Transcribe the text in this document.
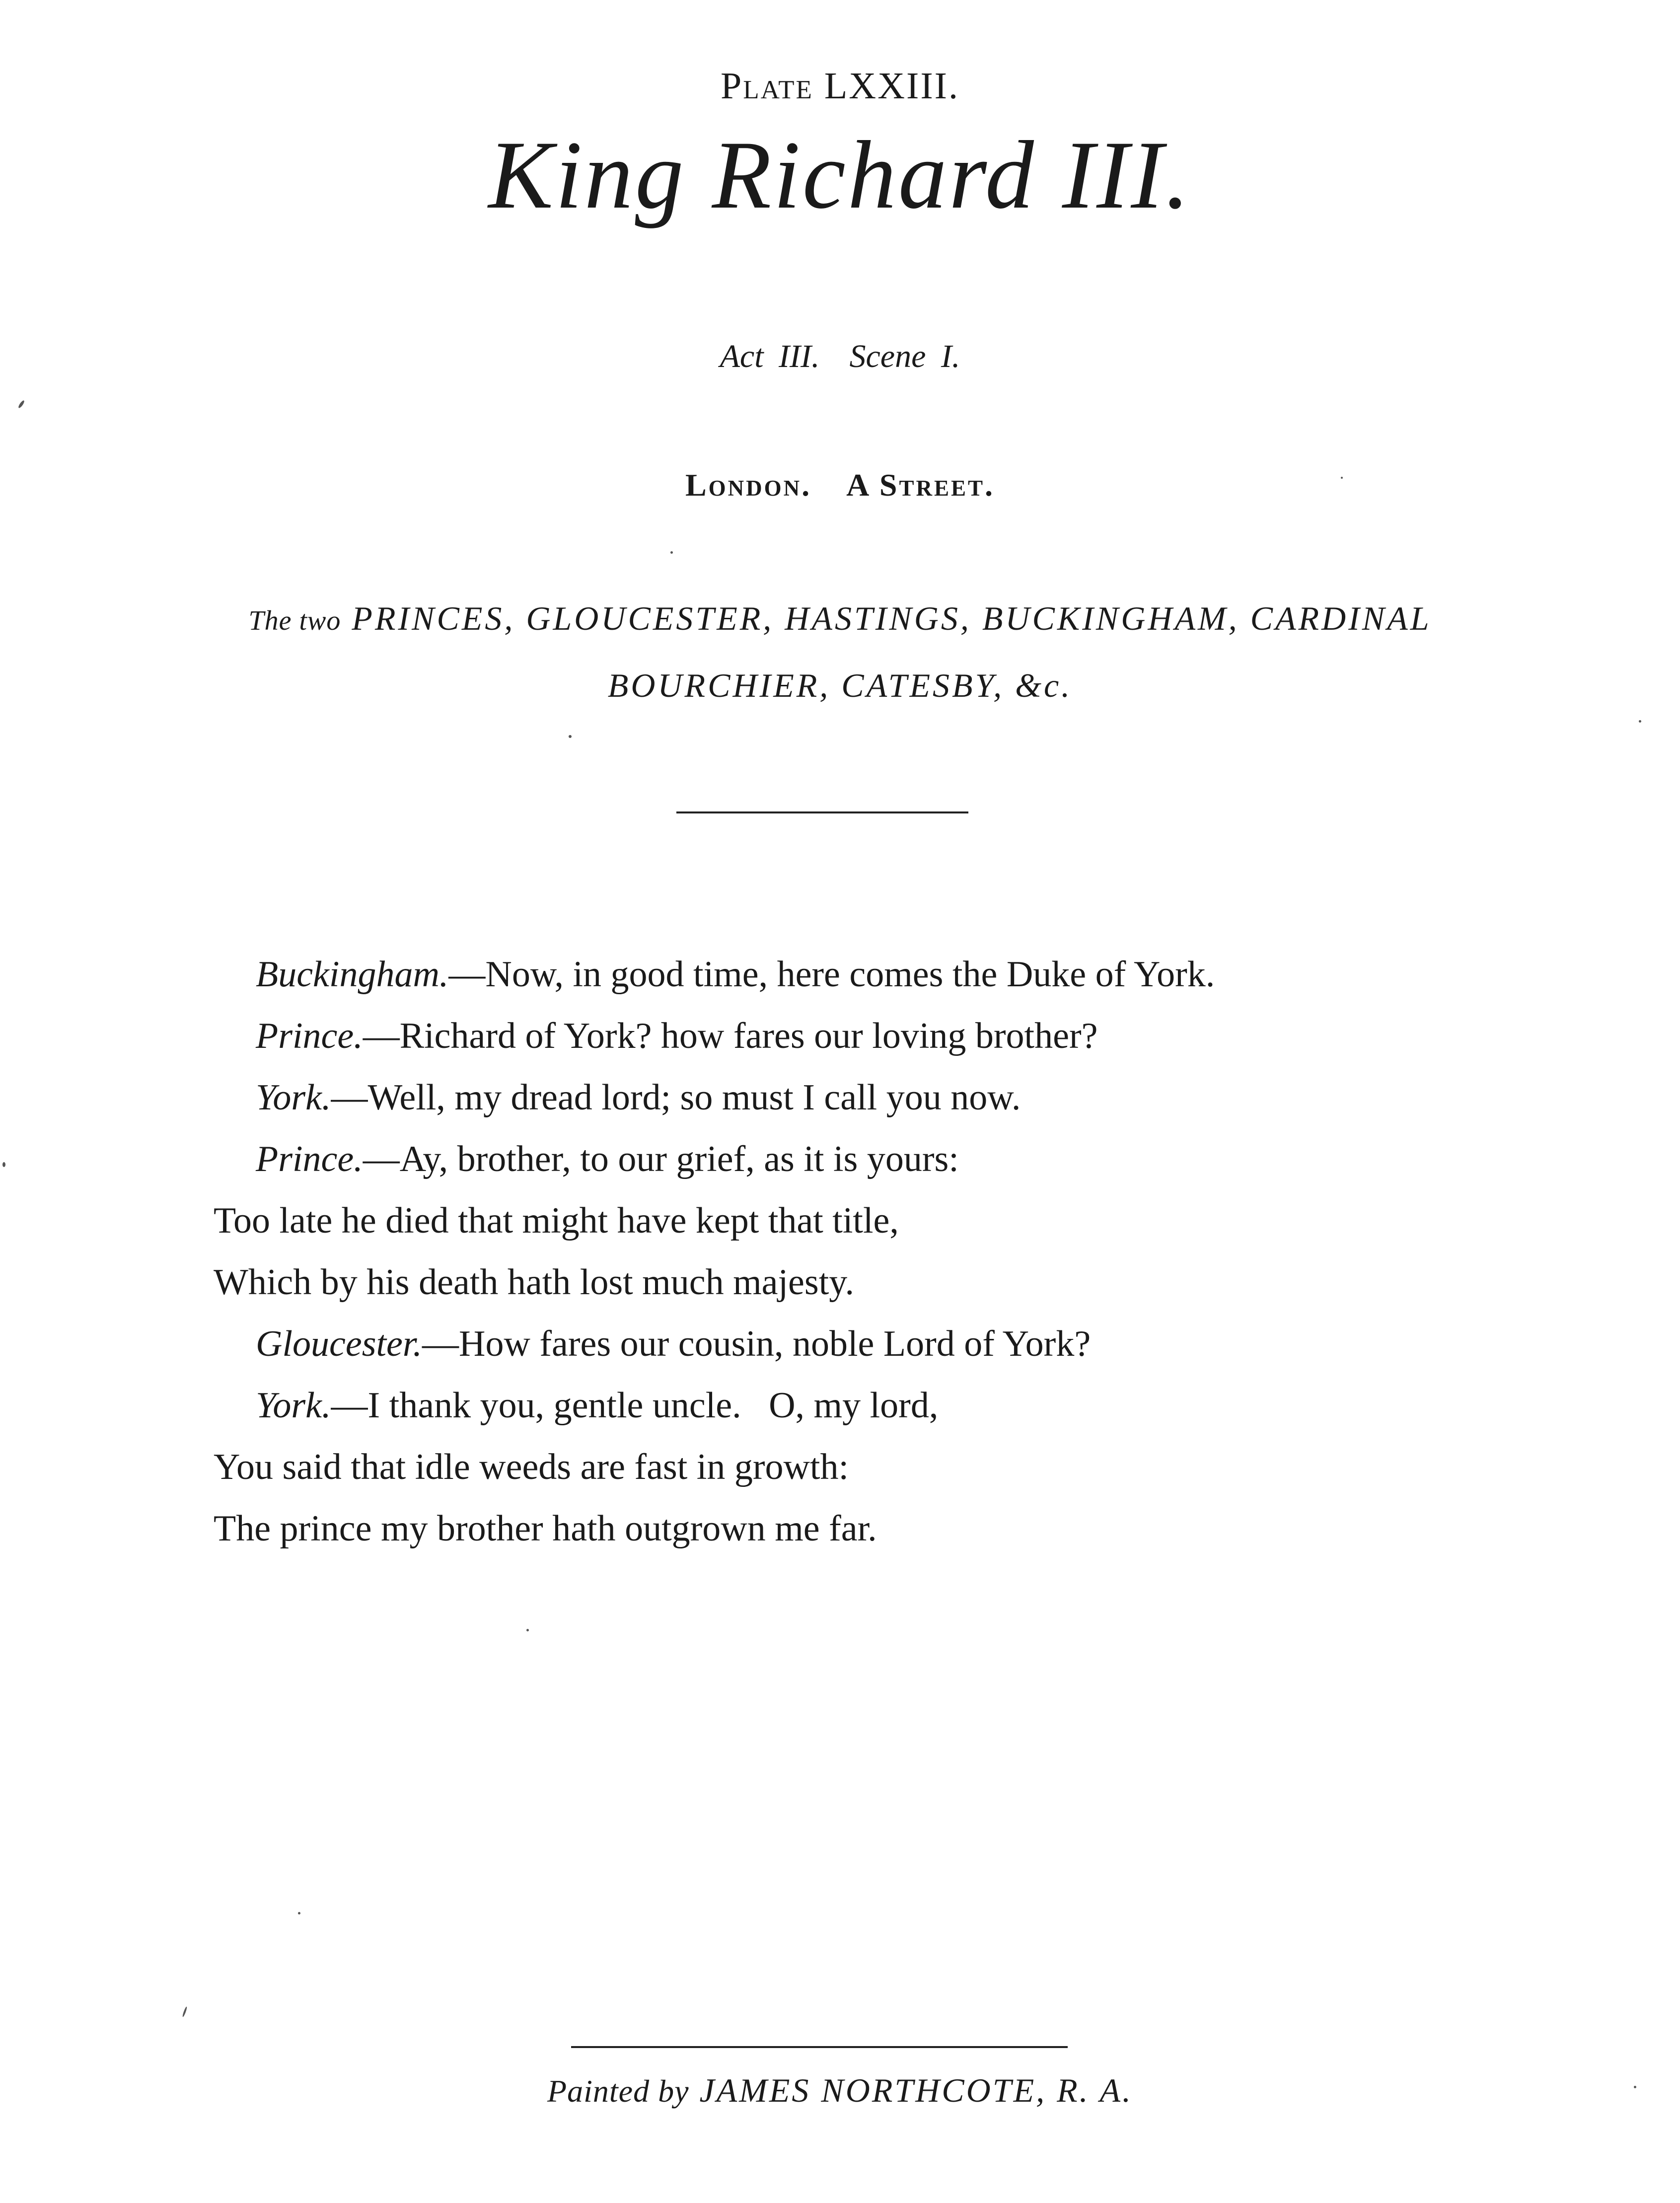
Plate LXXIII.
King Richard III.
Act III. Scene I.
London. A Street.
The two PRINCES, GLOUCESTER, HASTINGS, BUCKINGHAM, CARDINAL
BOURCHIER, CATESBY, &c.
Buckingham.—Now, in good time, here comes the Duke of York.
Prince.—Richard of York? how fares our loving brother?
York.—Well, my dread lord; so must I call you now.
Prince.—Ay, brother, to our grief, as it is yours:
Too late he died that might have kept that title,
Which by his death hath lost much majesty.
Gloucester.—How fares our cousin, noble Lord of York?
York.—I thank you, gentle uncle.   O, my lord,
You said that idle weeds are fast in growth:
The prince my brother hath outgrown me far.
Painted by JAMES NORTHCOTE, R. A.
